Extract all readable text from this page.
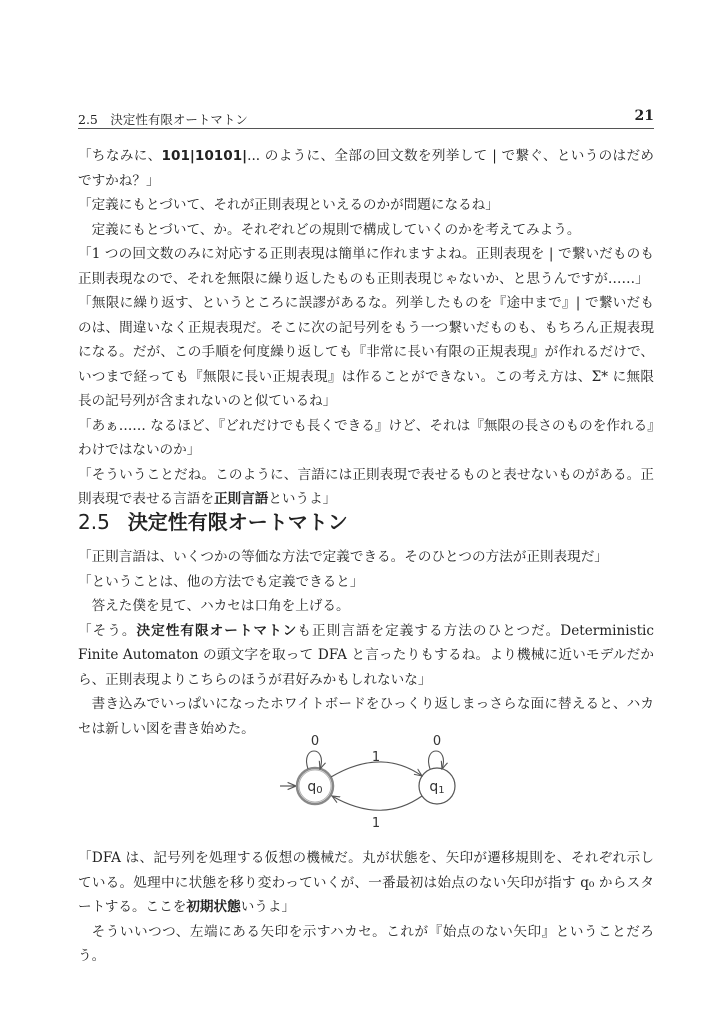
2.5　決定性有限オートマトン	21

「ちなみに、101|10101|... のように、全部の回文数を列挙して | で繋ぐ、というのはだめですかね？」

「定義にもとづいて、それが正則表現といえるのかが問題になるね」

定義にもとづいて、か。それぞれどの規則で構成していくのかを考えてみよう。

「1 つの回文数のみに対応する正則表現は簡単に作れますよね。正則表現を | で繋いだものも正則表現なので、それを無限に繰り返したものも正則表現じゃないか、と思うんですが……」

「無限に繰り返す、というところに誤謬があるな。列挙したものを『途中まで』| で繋いだものは、間違いなく正規表現だ。そこに次の記号列をもう一つ繋いだものも、もちろん正規表現になる。だが、この手順を何度繰り返しても『非常に長い有限の正規表現』が作れるだけで、いつまで経っても『無限に長い正規表現』は作ることができない。この考え方は、Σ* に無限長の記号列が含まれないのと似ているね」

「あぁ…… なるほど、『どれだけでも長くできる』けど、それは『無限の長さのものを作れる』わけではないのか」

「そういうことだね。このように、言語には正則表現で表せるものと表せないものがある。正則表現で表せる言語を正則言語というよ」

2.5 決定性有限オートマトン

「正則言語は、いくつかの等価な方法で定義できる。そのひとつの方法が正則表現だ」

「ということは、他の方法でも定義できると」

答えた僕を見て、ハカセは口角を上げる。

「そう。決定性有限オートマトンも正則言語を定義する方法のひとつだ。Deterministic Finite Automaton の頭文字を取って DFA と言ったりもするね。より機械に近いモデルだから、正則表現よりこちらのほうが君好みかもしれないな」

書き込みでいっぱいになったホワイトボードをひっくり返しまっさらな面に替えると、ハカセは新しい図を書き始めた。

q0	q1
0	0
1
1

「DFA は、記号列を処理する仮想の機械だ。丸が状態を、矢印が遷移規則を、それぞれ示している。処理中に状態を移り変わっていくが、一番最初は始点のない矢印が指す q₀ からスタートする。ここを初期状態いうよ」

そういいつつ、左端にある矢印を示すハカセ。これが『始点のない矢印』ということだろう。
